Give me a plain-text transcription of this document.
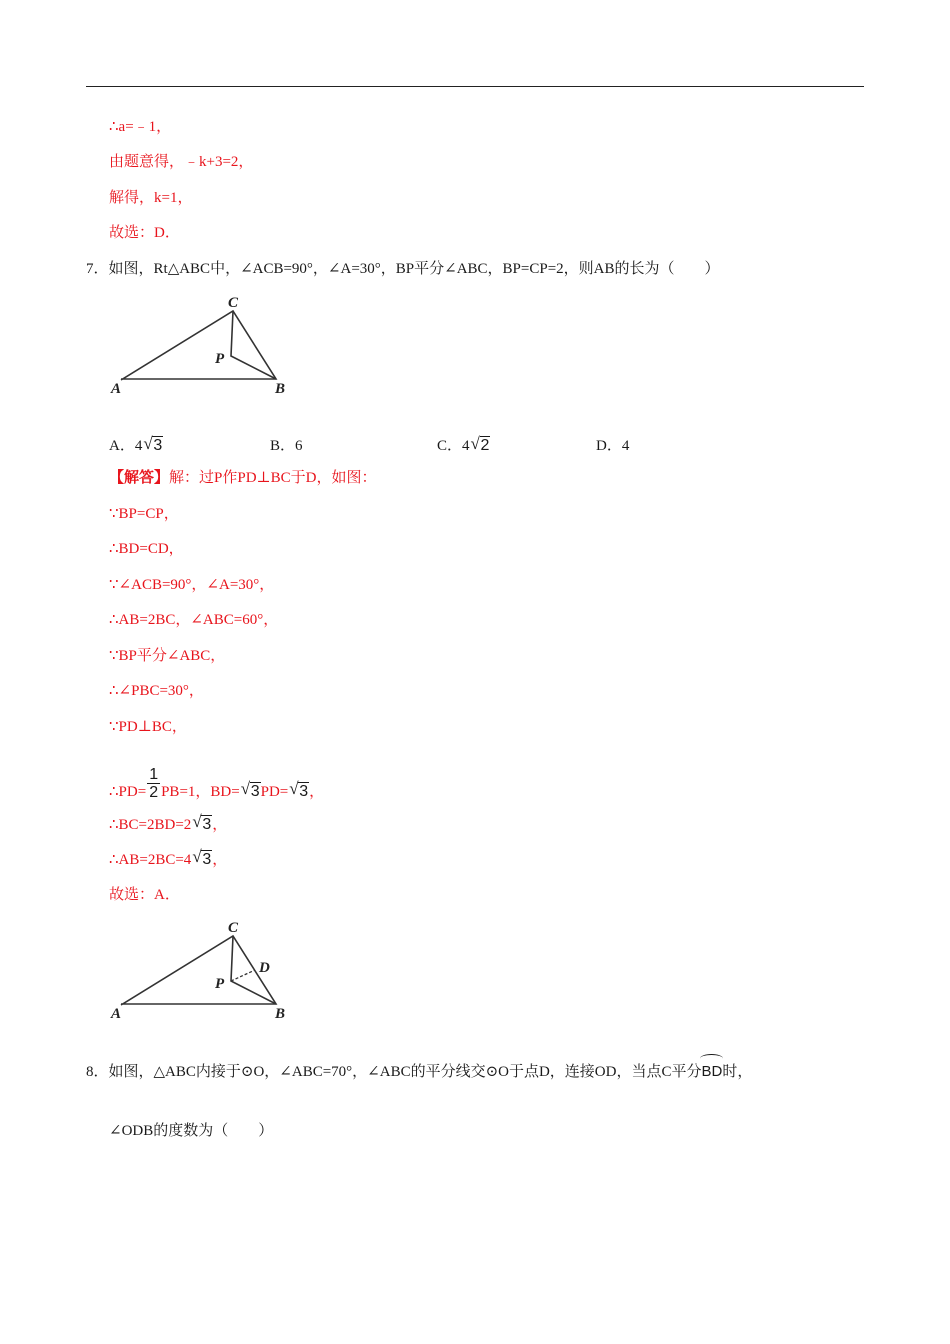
∴a=﹣1，
由题意得，﹣k+3=2，
解得，k=1，
故选：D．
7．如图，Rt△ABC中，∠ACB=90°，∠A=30°，BP平分∠ABC，BP=CP=2，则AB的长为（　　）
C
P
A	B
A．4 √ 3	B．6	C．4 √ 2	D．4
【解答】解：过P作PD⊥BC于D，如图：
∵BP=CP，
∴BD=CD，
∵∠ACB=90°，∠A=30°，
∴AB=2BC，∠ABC=60°，
∵BP平分∠ABC，
∴∠PBC=30°，
∵PD⊥BC，
∴PD= $\frac{1}{2} PB=1$，BD= √ 3PD= √ 3，
∴BC=2BD=2 √ 3，
∴AB=2BC=4 √ 3，
故选：A．
C
D
P
A	B
8．如图，△ABC内接于⊙O，∠ABC=70°，∠ABC的平分线交⊙O于点D，连接OD，当点C平分
BD时，
∠ODB的度数为（　　）
